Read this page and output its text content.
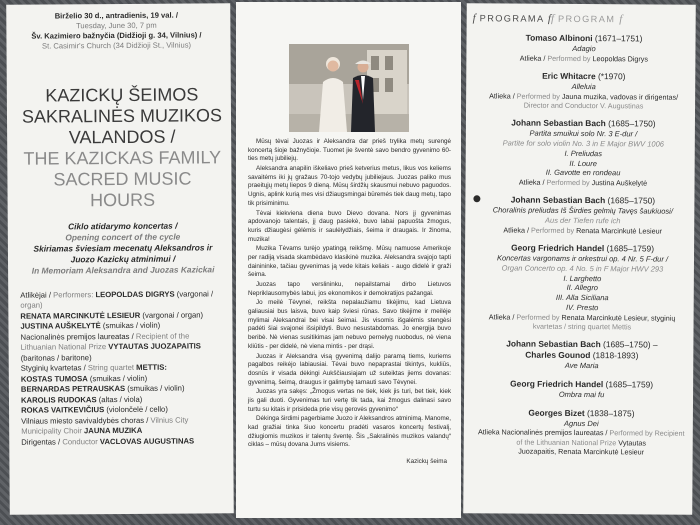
Birželio 30 d., antradienis, 19 val. /
Tuesday, June 30, 7 pm
Šv. Kazimiero bažnyčia (Didžioji g. 34, Vilnius) /
St. Casimir's Church (34 Didžioji St., Vilnius)
KAZICKŲ ŠEIMOS
SAKRALINĖS MUZIKOS
VALANDOS /
THE KAZICKAS FAMILY
SACRED MUSIC HOURS
Ciklo atidarymo koncertas /
Opening concert of the cycle
Skiriamas šviesiam mecenatų Aleksandros ir Juozo Kazickų atminimui /
In Memoriam Aleksandra and Juozas Kazickai
Atlikėjai / Performers: LEOPOLDAS DIGRYS (vargonai / organ)
RENATA MARCINKUTĖ LESIEUR (vargonai / organ)
JUSTINA AUŠKELYTĖ (smuikas / violin)
Nacionalinės premijos laureatas / Recipient of the Lithuanian National Prize VYTAUTAS JUOZAPAITIS
(baritonas / baritone)
Styginių kvartetas / String quartet METTIS:
KOSTAS TUMOSA (smuikas / violin)
BERNARDAS PETRAUSKAS (smuikas / violin)
KAROLIS RUDOKAS (altas / viola)
ROKAS VAITKEVIČIUS (violončelė / cello)
Vilniaus miesto savivaldybės choras / Vilnius City Municipality Choir JAUNA MUZIKA
Dirigentas / Conductor VACLOVAS AUGUSTINAS

Mūsų tėvai Juozas ir Aleksandra dar prieš trylika metų surengė koncertą šioje bažnyčioje. Tuomet jie šventė savo bendro gyvenimo 60-ties metų jubiliejų.

Aleksandra anapilin iškeliavo prieš ketverius metus, likus vos keliems savaitėms iki jų gražaus 70-tojo vedybų jubiliejaus. Juozas paliko mus praeitųjų metų liepos 9 dieną. Mūsų širdžių skausmui nebuvo paguodos. Ugnis, aplink kurią mes visi džiaugsmingai būremės tiek daug metų, tapo tik prisiminimu.

Tėvai kiekviena diena buvo Dievo dovana. Nors jį gyvenimas apdovanojo talentais, jį daug pasiekė, buvo labai papuošta žmogus, kuris džiaugėsi gėlėmis ir saulėlydžiais, šeima ir draugais. Ir žinoma, muzika!

Muzika Tėvams turėjo ypatingą reikšmę. Mūsų namuose Amerikoje per radiją visada skambėdavo klasikinė muzika. Aleksandra svajojo tapti dainininke, tačiau gyvenimas ją vede kitais keliais - augo didelė ir graži šeima.

Juozas tapo verslininku, nepailstamai dirbo Lietuvos Nepriklausomybės labui, jos ekonomikos ir demokratijos pažangai.

Jo meilė Tėvynei, reikšta nepalaužiamu tikėjimu, kad Lietuva galiausiai bus laisva, buvo kaip šviesi rūnas. Savo tikėjime ir meilėje mylimai Aleksandrai bei visai šeimai. Jis visomis išgalėmis stengėsi padėti šiai svajonei išsipildyti. Buvo nesustabdomas. Jo energija buvo beribė. Nė vienas susitikimas jam nebuvo pernelyg nuobodus, nė viena kliūtis - per didelė, nė viena mintis - per drąsi.

Juozas ir Aleksandra visą gyvenimą dalijo paramą tiems, kuriems pagalbos reikėjo labiausiai. Tėvai buvo nepaprastai tikintys, kukliūs, dosnūs ir visada dėkingi Aukščiausiajam už suteiktas jiems dovanas: gyvenimą, šeimą, draugus ir galimybę tarnauti savo Tėvynei.

Juozas yra sakęs: „Žmogus vertas ne tiek, kiek jis turi, bet tiek, kiek jis gali duoti. Gyvenimas turi vertę tik tada, kai žmogus dalinasi savo turtu su kitais ir prisideda prie visų gerovės gyvenimo“

Dėkinga širdimi pagerbiame Juozo ir Aleksandros atminimą. Manome, kad gražiai tinka šiuo koncertu pradėti vasaros koncertų festivalį, džiugiomis muzikos ir talentų šventę. Šis „Sakralinės muzikos valandų“ ciklas – mūsų dovana Jums visiems.

Kazickų šeima
f PROGRAMA ff PROGRAM f
Tomaso Albinoni (1671–1751)
Adagio
Atlieka / Performed by Leopoldas Digrys
Eric Whitacre (*1970)
Alleluia
Atlieka / Performed by Jauna muzika, vadovas ir dirigentas/
Director and Conductor V. Augustinas
Johann Sebastian Bach (1685–1750)
Partita smuikui solo Nr. 3 E-dur /
Partite for solo violin No. 3 in E Major BWV 1006
I. Preliudas
II. Loure
II. Gavotte en rondeau
Atlieka / Performed by Justina Auškelytė
Johann Sebastian Bach (1685–1750)
Choralinis preliudas Iš Širdies gelmių Tavęs šaukiuosi/
Aus der Tiefen rufe ich
Atlieka / Performed by Renata Marcinkutė Lesieur
Georg Friedrich Handel (1685–1759)
Koncertas vargonams ir orkestrui op. 4 Nr. 5 F-dur /
Organ Concerto op. 4 No. 5 in F Major HWV 293
I. Larghetto
II. Allegro
III. Alla Siciliana
IV. Presto
Atlieka / Performed by Renata Marcinkutė Lesieur, styginių
kvartetas / string quartet Mettis
Johann Sebastian Bach (1685–1750) –
Charles Gounod (1818-1893)
Ave Maria
Georg Friedrich Handel (1685–1759)
Ombra mai fu
Georges Bizet (1838–1875)
Agnus Dei
Atlieka Nacionalinės premijos laureatas / Performed by Recipient of the Lithuanian National Prize Vytautas
Juozapaitis, Renata Marcinkutė Lesieur
